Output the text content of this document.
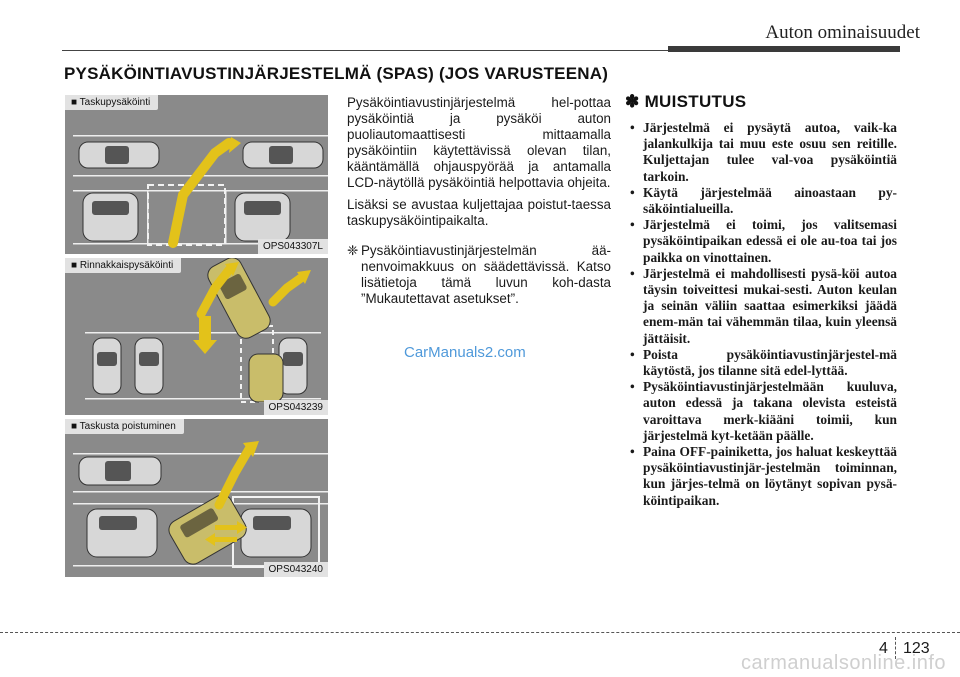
Auton ominaisuudet
PYSÄKÖINTIAVUSTINJÄRJESTELMÄ (SPAS) (JOS VARUSTEENA)
■ Taskupysäköinti
OPS043307L
■ Rinnakkaispysäköinti
OPS043239
■ Taskusta poistuminen
OPS043240

Pysäköintiavustinjärjestelmä hel-pottaa pysäköintiä ja pysäköi auton puoliautomaattisesti mittaamalla pysäköintiin käytettävissä olevan tilan, kääntämällä ohjauspyörää ja antamalla LCD-näytöllä pysäköintiä helpottavia ohjeita.

Lisäksi se avustaa kuljettajaa poistut-taessa taskupysäköintipaikalta.

❈ Pysäköintiavustinjärjestelmän ää-nenvoimakkuus on säädettävissä. Katso lisätietoja tämä luvun koh-dasta ”Mukautettavat asetukset”.
CarManuals2.com
✽ MUISTUTUS
• Järjestelmä ei pysäytä autoa, vaik-ka jalankulkija tai muu este osuu sen reitille. Kuljettajan tulee val-voa pysäköintiä tarkoin.
• Käytä järjestelmää ainoastaan py-säköintialueilla.
• Järjestelmä ei toimi, jos valitsemasi pysäköintipaikan edessä ei ole au-toa tai jos paikka on vinottainen.
• Järjestelmä ei mahdollisesti pysä-köi autoa täysin toiveittesi mukai-sesti. Auton keulan ja seinän väliin saattaa esimerkiksi jäädä enem-män tai vähemmän tilaa, kuin yleensä jättäisit.
• Poista pysäköintiavustinjärjestel-mä käytöstä, jos tilanne sitä edel-lyttää.
• Pysäköintiavustinjärjestelmään kuuluva, auton edessä ja takana olevista esteistä varoittava merk-kiääni toimii, kun järjestelmä kyt-ketään päälle.
• Paina OFF-painiketta, jos haluat keskeyttää pysäköintiavustinjär-jestelmän toiminnan, kun järjes-telmä on löytänyt sopivan pysä-köintipaikan.
4 123
carmanualsonline.info
